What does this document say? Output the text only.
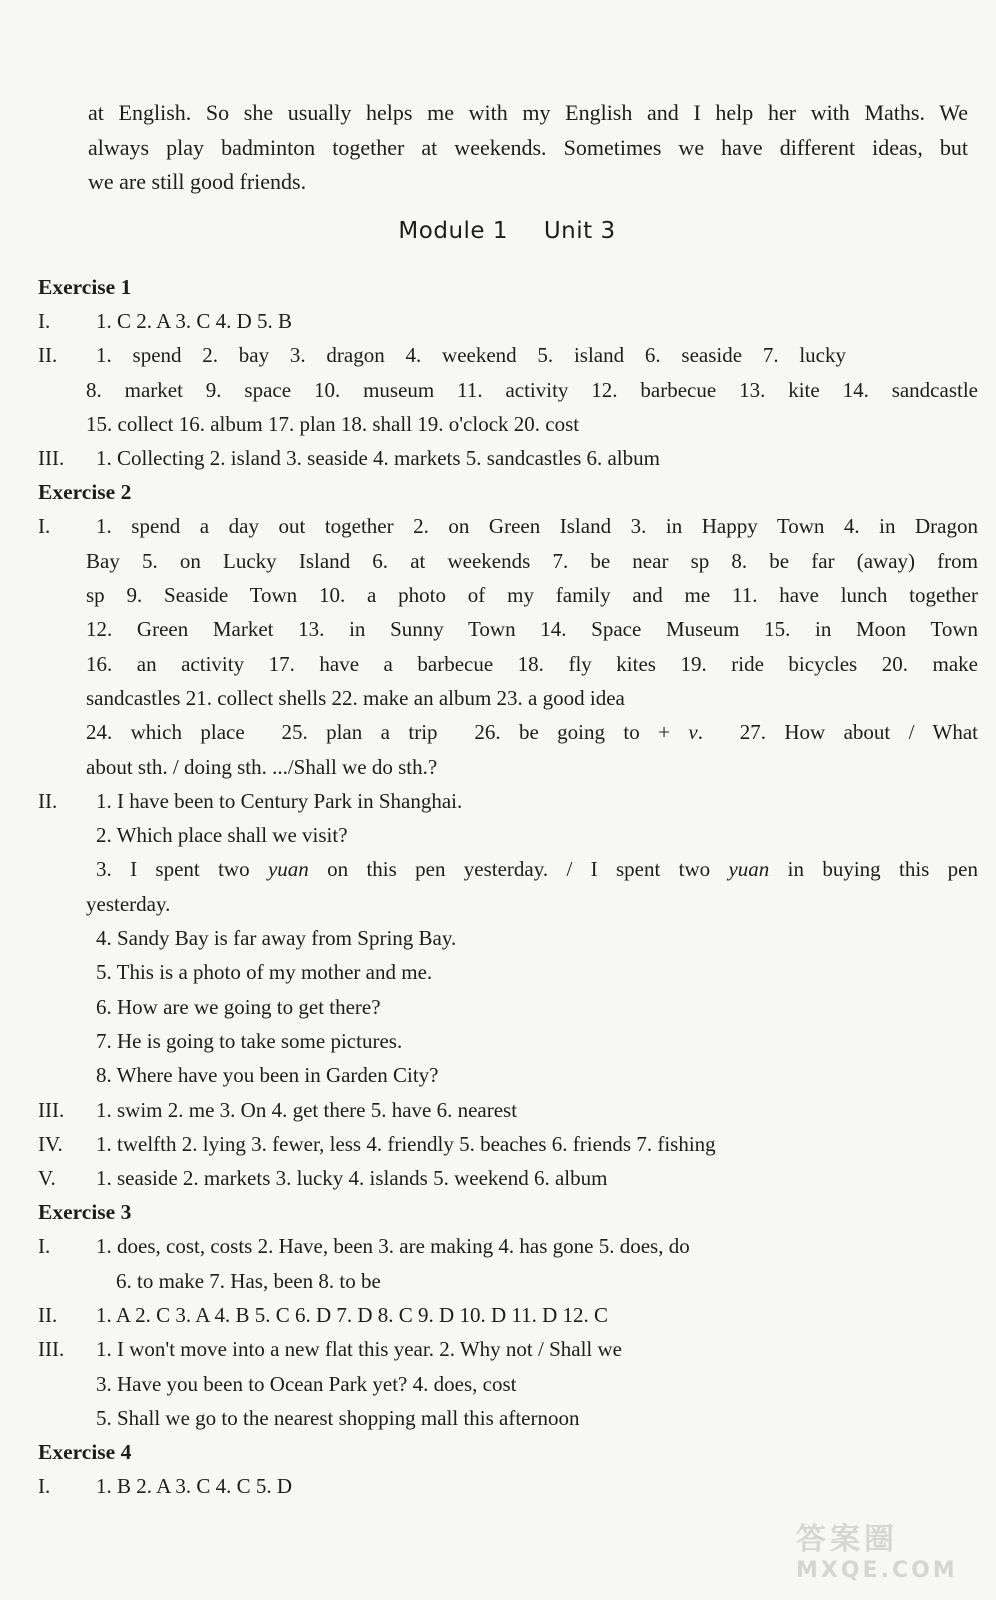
at English. So she usually helps me with my English and I help her with Maths. We
always play badminton together at weekends. Sometimes we have different ideas, but
we are still good friends.
Module 1 Unit 3
Exercise 1
I.	1. C 2. A 3. C 4. D 5. B
II.	1. spend 2. bay 3. dragon 4. weekend 5. island 6. seaside 7. lucky
8. market 9. space 10. museum 11. activity 12. barbecue 13. kite 14. sandcastle
15. collect 16. album 17. plan 18. shall 19. o'clock 20. cost
III.	1. Collecting 2. island 3. seaside 4. markets 5. sandcastles 6. album
Exercise 2
I.	1. spend a day out together 2. on Green Island 3. in Happy Town 4. in Dragon
Bay 5. on Lucky Island 6. at weekends 7. be near sp 8. be far (away) from
sp 9. Seaside Town 10. a photo of my family and me 11. have lunch together
12. Green Market 13. in Sunny Town 14. Space Museum 15. in Moon Town
16. an activity 17. have a barbecue 18. fly kites 19. ride bicycles 20. make
sandcastles 21. collect shells 22. make an album 23. a good idea
24. which place  25. plan a trip  26. be going to + v.  27. How about / What
about sth. / doing sth. .../Shall we do sth.?
II.	1. I have been to Century Park in Shanghai.
2. Which place shall we visit?
3. I spent two yuan on this pen yesterday. / I spent two yuan in buying this pen
yesterday.
4. Sandy Bay is far away from Spring Bay.
5. This is a photo of my mother and me.
6. How are we going to get there?
7. He is going to take some pictures.
8. Where have you been in Garden City?
III.	1. swim 2. me 3. On 4. get there 5. have 6. nearest
IV.	1. twelfth 2. lying 3. fewer, less 4. friendly 5. beaches 6. friends 7. fishing
V.	1. seaside 2. markets 3. lucky 4. islands 5. weekend 6. album
Exercise 3
I.	1. does, cost, costs 2. Have, been 3. are making 4. has gone 5. does, do
6. to make 7. Has, been 8. to be
II.	1. A 2. C 3. A 4. B 5. C 6. D 7. D 8. C 9. D 10. D 11. D 12. C
III.	1. I won't move into a new flat this year. 2. Why not / Shall we
3. Have you been to Ocean Park yet? 4. does, cost
5. Shall we go to the nearest shopping mall this afternoon
Exercise 4
I.	1. B 2. A 3. C 4. C 5. D
答案圈
MXQE.COM
